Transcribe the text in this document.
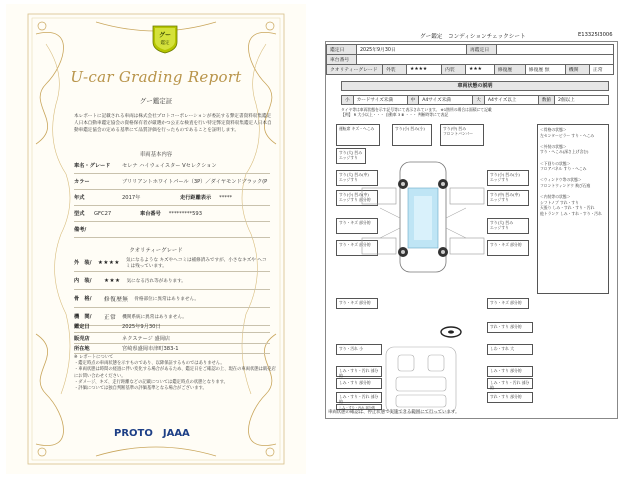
グー
鑑定
U-car Grading Report
グー鑑定証
本レポートに記載される車両は株式会社プロトコーポレーションが委託する弊定書資料収集鑑定人日本自動車鑑定協会の資格保有者が厳選かつ公正な検査を行い特定弊定資料収集鑑定人日本自動車鑑定協会の定める基準にて品質評価を行ったものであることを証明します。
車両基本内容
車名・グレード	セレナ ハイウェイスター Vセレクション
カラー	ブリリアントホワイトパール（3P）／ダイヤモンドブラック(P
年式	2017年	走行距離表示 *****
型式	GFC27	車台番号 *********593
備考/
クオリティーグレード
外　装/	★★★★ 気になるような キズやヘコミは補修済みですが、小さなキズや ヘコミは残っています。
内　装/	★★★ 気になる汚れ等があります。
骨　格/	修復歴無 骨格部位に異常はありません。
機　関/	正常 機関系統に異常はありません。
鑑定日	2025年9月30日
販売店	ネクステージ 盛岡店
所在地	宮崎県盛岡市津町383-1
※ レポートについて
・鑑定時点の車両状態を示すものであり、以降保証するものではありません。
・車両状態は時間の経過に伴い変化する場合があるため、鑑定日をご確認の上、現在の車両状態は販売店にお問い合わせください。
・ダメージ、キズ、走行距離などの記載については鑑定時点の状態となります。
・評価については独自判断基準の評価基準となる場合がございます。
PROTO JAAA
グー鑑定　コンディションチェックシート	E13325I3006
鑑定日	2025年9月30日	再鑑定日	
車台番号	
クオリティーグレード	外装	★★★★	内装	★★★	修復歴	修復歴 無	機関	正常
車両状態の説明
小	カードサイズ未満	中	A4サイズ未満	大	A4サイズ以上	数値	2個以上
タイヤ等は車両状態を示す記号等にて表示されています。 ※1箇所の場合は面積にて記載
【例】 R 大小以上・・・ 自動車 3 Ⅲ ・・・ 判断時等にて表記
運転席 キズ・へこみ	すり(小) 凹み(小)
すり(大) 凹み
エッジすり
すり(大) 凹み(中)
エッジすり
すり(小) 凹み(中)
エッジすり 部分的
すり・キズ 部分的
すり・キズ 部分的
すり・キズ 部分的
すり(中) 凹み
フロントバンパー
すり(小) 凹み(小)
エッジすり
すり(中) 凹み(中)
エッジすり
すり(大) 凹み
エッジすり
すり・キズ 部分的
すり・キズ 部分的
すり・汚れ 小
しみ・すり・汚れ 部分的
しみ・すり 部分的
しみ・すり・汚れ 部分的
しみ・すり・汚れ 部分的
すれ・すり 部分的
しわ・すれ 大
しみ・すり 部分的
しみ・すり・汚れ 部分的
すれ・すり 部分的
＜骨格の状態＞
左センターピラー すり・へこみ

＜外装の状態＞
すり・へこみ(深さ上げ含む)

＜下回りの状態＞
フロアパネル すり・へこみ

＜ウィンドウ等の状態＞
フロントウィンドウ 飛び石痕

＜内装等の状態＞
シフトノブ すれ・すり
天張り しみ・すれ・すり・汚れ
他トランク しみ・すれ・すり・汚れ
車両状態の確認は、停止状態で実施できる範囲にて行っています。
